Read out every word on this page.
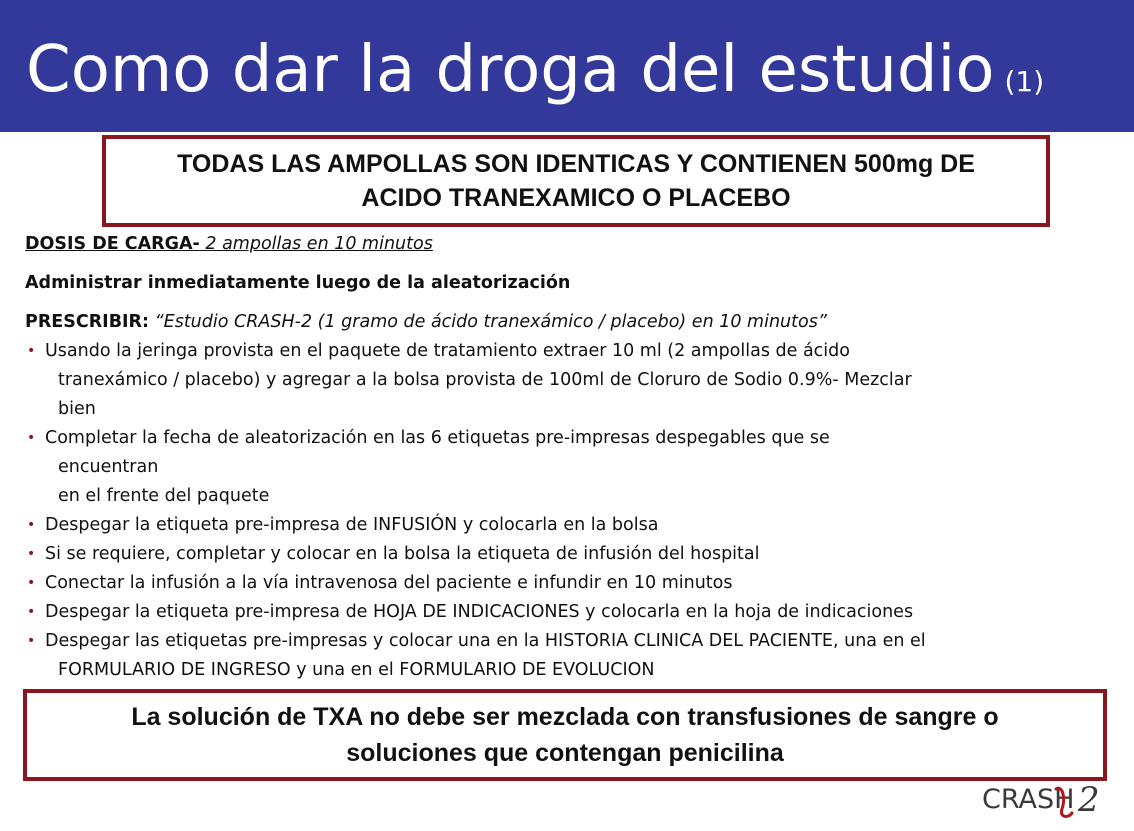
Como dar la droga del estudio (1)
TODAS LAS AMPOLLAS SON IDENTICAS Y CONTIENEN 500mg DE
ACIDO TRANEXAMICO O PLACEBO

DOSIS DE CARGA- 2 ampollas en 10 minutos

Administrar inmediatamente luego de la aleatorización

PRESCRIBIR: “Estudio CRASH-2 (1 gramo de ácido tranexámico / placebo) en 10 minutos”

• Usando la jeringa provista en el paquete de tratamiento extraer 10 ml (2 ampollas de ácido
tranexámico / placebo) y agregar a la bolsa provista de 100ml de Cloruro de Sodio 0.9%- Mezclar
bien
• Completar la fecha de aleatorización en las 6 etiquetas pre-impresas despegables que se
encuentran
en el frente del paquete
• Despegar la etiqueta pre-impresa de INFUSIÓN y colocarla en la bolsa
• Si se requiere, completar y colocar en la bolsa la etiqueta de infusión del hospital
• Conectar la infusión a la vía intravenosa del paciente e infundir en 10 minutos
• Despegar la etiqueta pre-impresa de HOJA DE INDICACIONES y colocarla en la hoja de indicaciones
• Despegar las etiquetas pre-impresas y colocar una en la HISTORIA CLINICA DEL PACIENTE, una en el
FORMULARIO DE INGRESO y una en el FORMULARIO DE EVOLUCION
La solución de TXA no debe ser mezclada con transfusiones de sangre o
soluciones que contengan penicilina
CRASH 2
